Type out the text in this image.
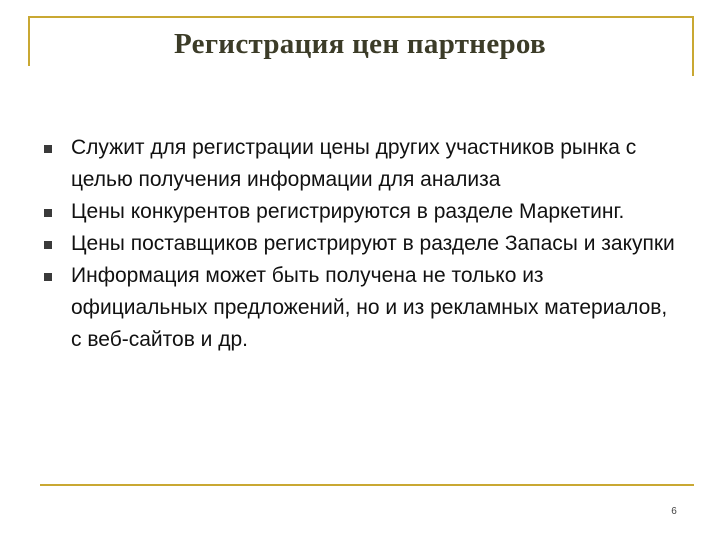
Регистрация цен партнеров
Служит для регистрации цены других участников рынка с целью получения информации для анализа
Цены конкурентов регистрируются в разделе Маркетинг.
Цены поставщиков регистрируют в разделе Запасы и закупки
Информация может быть получена не только из официальных предложений, но и из рекламных материалов, с веб-сайтов и др.
6
